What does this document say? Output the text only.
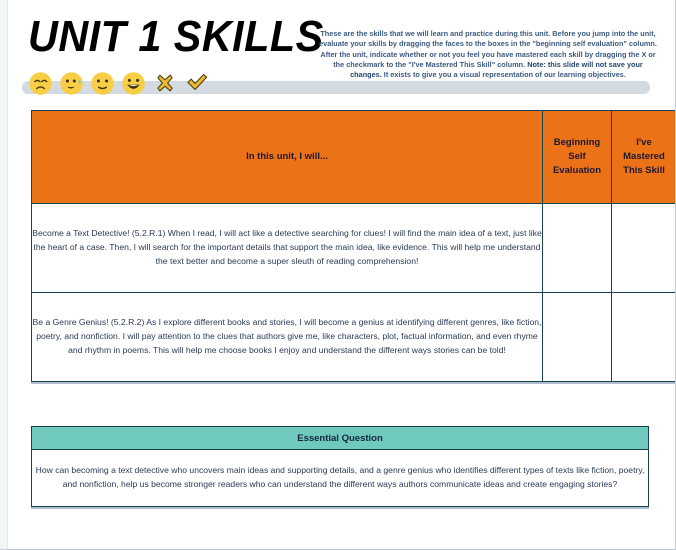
UNIT 1 SKILLS
These are the skills that we will learn and practice during this unit. Before you jump into the unit, evaluate your skills by dragging the faces to the boxes in the "beginning self evaluation" column. After the unit, indicate whether or not you feel you have mastered each skill by dragging the X or the checkmark to the "I've Mastered This Skill" column. Note: this slide will not save your changes. It exists to give you a visual representation of our learning objectives.
In this unit, I will...	Beginning Self Evaluation	I've Mastered This Skill
Become a Text Detective! (5.2.R.1) When I read, I will act like a detective searching for clues! I will find the main idea of a text, just like the heart of a case. Then, I will search for the important details that support the main idea, like evidence. This will help me understand the text better and become a super sleuth of reading comprehension!		
Be a Genre Genius! (5.2.R.2) As I explore different books and stories, I will become a genius at identifying different genres, like fiction, poetry, and nonfiction. I will pay attention to the clues that authors give me, like characters, plot, factual information, and even rhyme and rhythm in poems. This will help me choose books I enjoy and understand the different ways stories can be told!		
Essential Question
How can becoming a text detective who uncovers main ideas and supporting details, and a genre genius who identifies different types of texts like fiction, poetry, and nonfiction, help us become stronger readers who can understand the different ways authors communicate ideas and create engaging stories?
